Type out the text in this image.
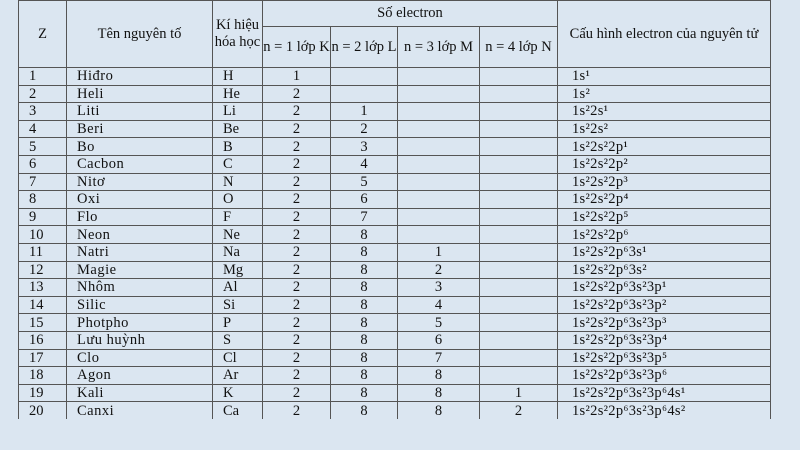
Z	Tên nguyên tố	Kí hiệu hóa học	Số electron				Cấu hình electron của nguyên tử
			n = 1 lớp K	n = 2 lớp L	n = 3 lớp M	n = 4 lớp N	
1	Hiđro	H	1				1s¹
2	Heli	He	2				1s²
3	Liti	Li	2	1			1s²2s¹
4	Beri	Be	2	2			1s²2s²
5	Bo	B	2	3			1s²2s²2p¹
6	Cacbon	C	2	4			1s²2s²2p²
7	Nitơ	N	2	5			1s²2s²2p³
8	Oxi	O	2	6			1s²2s²2p⁴
9	Flo	F	2	7			1s²2s²2p⁵
10	Neon	Ne	2	8			1s²2s²2p⁶
11	Natri	Na	2	8	1		1s²2s²2p⁶3s¹
12	Magie	Mg	2	8	2		1s²2s²2p⁶3s²
13	Nhôm	Al	2	8	3		1s²2s²2p⁶3s²3p¹
14	Silic	Si	2	8	4		1s²2s²2p⁶3s²3p²
15	Photpho	P	2	8	5		1s²2s²2p⁶3s²3p³
16	Lưu huỳnh	S	2	8	6		1s²2s²2p⁶3s²3p⁴
17	Clo	Cl	2	8	7		1s²2s²2p⁶3s²3p⁵
18	Agon	Ar	2	8	8		1s²2s²2p⁶3s²3p⁶
19	Kali	K	2	8	8	1	1s²2s²2p⁶3s²3p⁶4s¹
20	Canxi	Ca	2	8	8	2	1s²2s²2p⁶3s²3p⁶4s²
